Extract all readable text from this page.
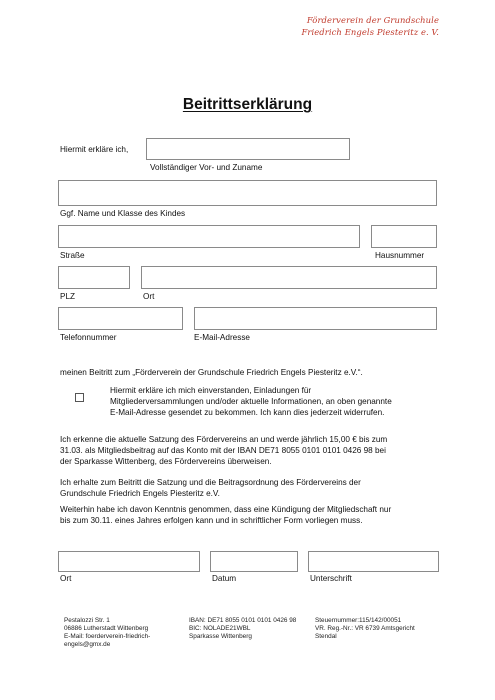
Förderverein der Grundschule
Friedrich Engels Piesteritz e. V.
Beitrittserklärung
Hiermit erkläre ich,
Vollständiger Vor- und Zuname
Ggf. Name und Klasse des Kindes
Straße	Hausnummer
PLZ	Ort
Telefonnummer	E-Mail-Adresse
meinen Beitritt zum „Förderverein der Grundschule Friedrich Engels Piesteritz e.V.“.
Hiermit erkläre ich mich einverstanden, Einladungen für
Mitgliederversammlungen und/oder aktuelle Informationen, an oben genannte
E-Mail-Adresse gesendet zu bekommen. Ich kann dies jederzeit widerrufen.
Ich erkenne die aktuelle Satzung des Fördervereins an und werde jährlich 15,00 € bis zum
31.03. als Mitgliedsbeitrag auf das Konto mit der IBAN DE71 8055 0101 0101 0426 98 bei
der Sparkasse Wittenberg, des Fördervereins überweisen.
Ich erhalte zum Beitritt die Satzung und die Beitragsordnung des Fördervereins der
Grundschule Friedrich Engels Piesteritz e.V.
Weiterhin habe ich davon Kenntnis genommen, dass eine Kündigung der Mitgliedschaft nur
bis zum 30.11. eines Jahres erfolgen kann und in schriftlicher Form vorliegen muss.
Ort	Datum	Unterschrift
Pestalozzi Str. 1
06886 Lutherstadt Wittenberg
E-Mail: foerderverein-friedrich-
engels@gmx.de
IBAN: DE71 8055 0101 0101 0426 98
BIC: NOLADE21WBL
Sparkasse Wittenberg
Steuernummer:115/142/00051
VR. Reg.-Nr.: VR 6739 Amtsgericht
Stendal
